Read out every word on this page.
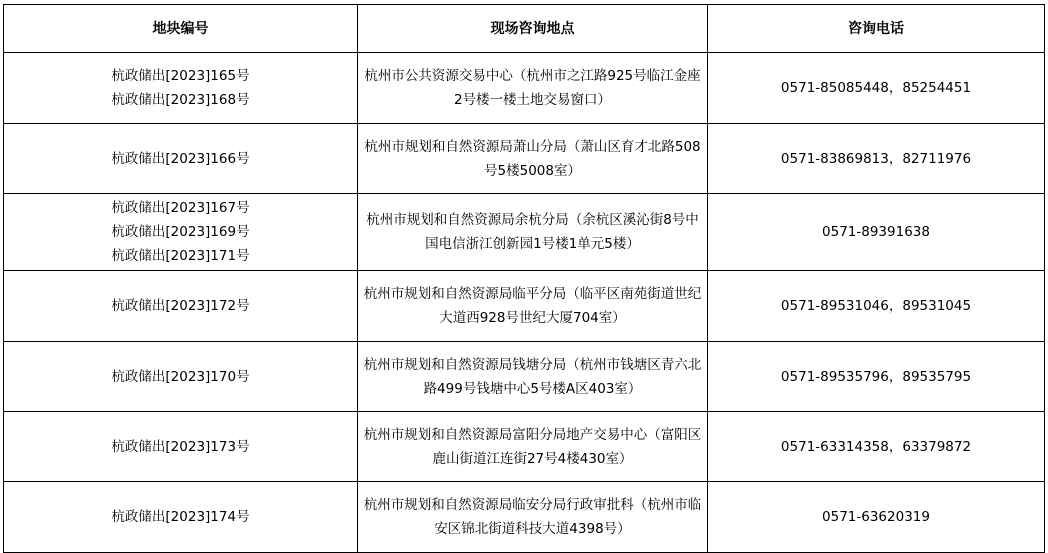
地块编号	现场咨询地点	咨询电话

杭政储出[2023]165号
杭政储出[2023]168号	杭州市公共资源交易中心（杭州市之江路925号临江金座2号楼一楼土地交易窗口）	0571-85085448，85254451

杭政储出[2023]166号	杭州市规划和自然资源局萧山分局（萧山区育才北路508号5楼5008室）	0571-83869813，82711976

杭政储出[2023]167号
杭政储出[2023]169号
杭政储出[2023]171号	杭州市规划和自然资源局余杭分局（余杭区溪沁街8号中国电信浙江创新园1号楼1单元5楼）	0571-89391638

杭政储出[2023]172号	杭州市规划和自然资源局临平分局（临平区南苑街道世纪大道西928号世纪大厦704室）	0571-89531046，89531045

杭政储出[2023]170号	杭州市规划和自然资源局钱塘分局（杭州市钱塘区青六北路499号钱塘中心5号楼A区403室）	0571-89535796，89535795

杭政储出[2023]173号	杭州市规划和自然资源局富阳分局地产交易中心（富阳区鹿山街道江连街27号4楼430室）	0571-63314358，63379872

杭政储出[2023]174号	杭州市规划和自然资源局临安分局行政审批科（杭州市临安区锦北街道科技大道4398号）	0571-63620319
